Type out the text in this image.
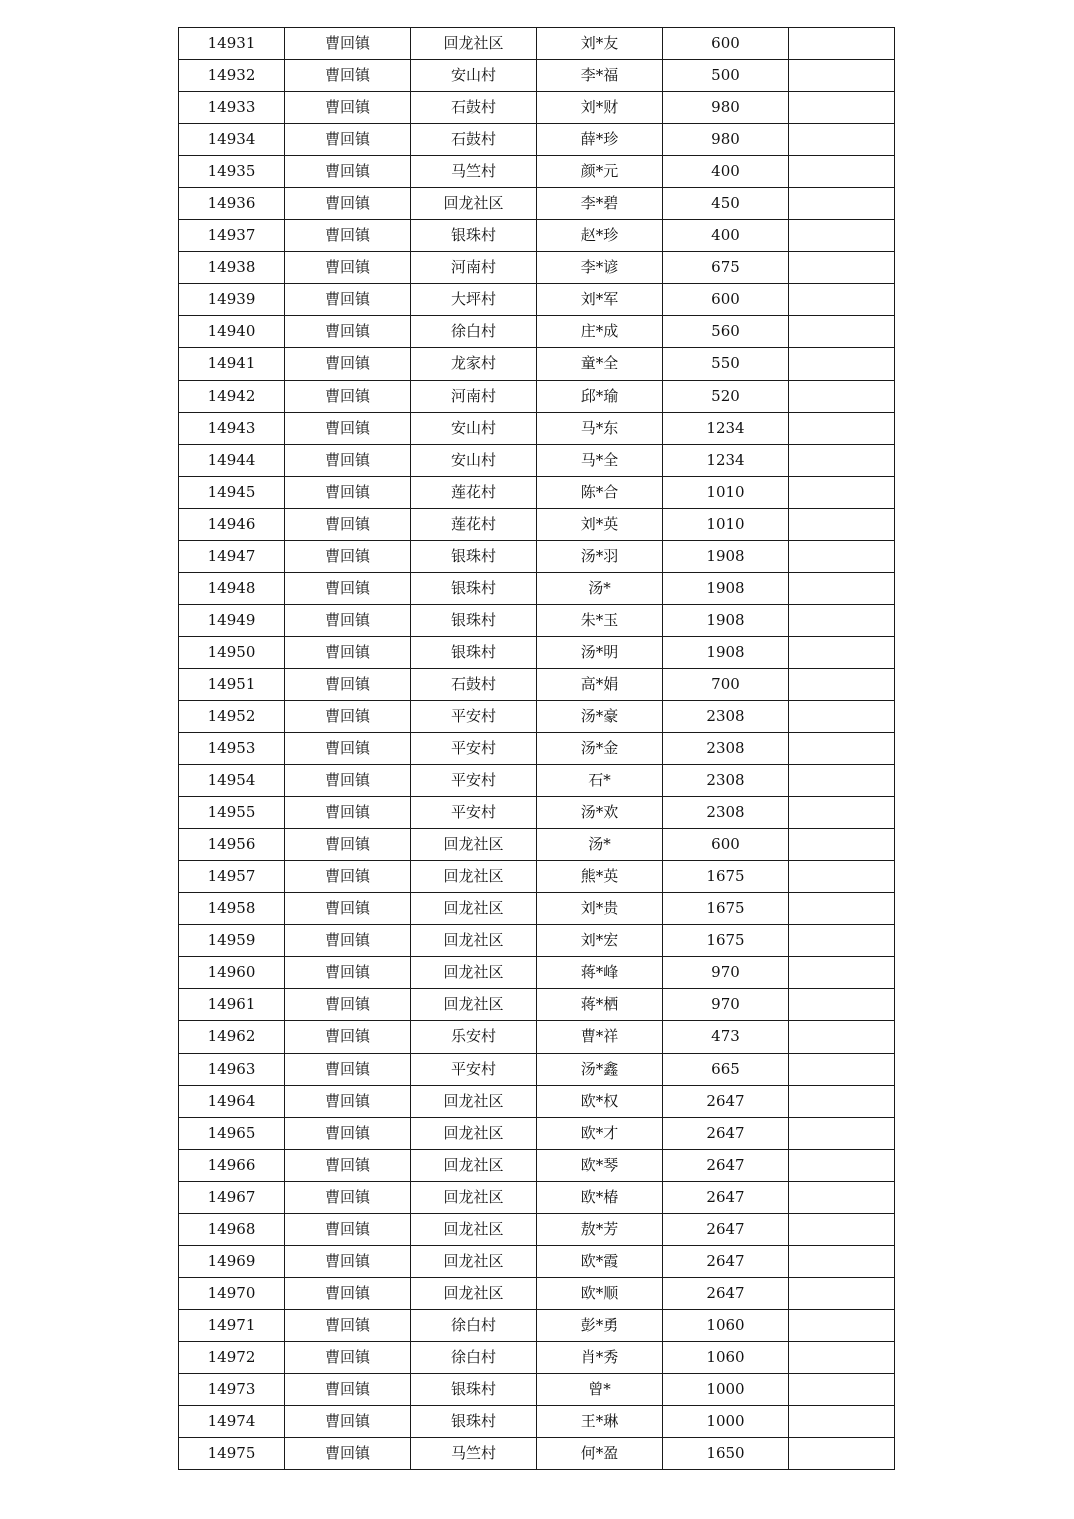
14931	曹回镇	回龙社区	刘*友	600	
14932	曹回镇	安山村	李*福	500	
14933	曹回镇	石鼓村	刘*财	980	
14934	曹回镇	石鼓村	薛*珍	980	
14935	曹回镇	马竺村	颜*元	400	
14936	曹回镇	回龙社区	李*碧	450	
14937	曹回镇	银珠村	赵*珍	400	
14938	曹回镇	河南村	李*谚	675	
14939	曹回镇	大坪村	刘*军	600	
14940	曹回镇	徐白村	庄*成	560	
14941	曹回镇	龙家村	童*全	550	
14942	曹回镇	河南村	邱*瑜	520	
14943	曹回镇	安山村	马*东	1234	
14944	曹回镇	安山村	马*全	1234	
14945	曹回镇	莲花村	陈*合	1010	
14946	曹回镇	莲花村	刘*英	1010	
14947	曹回镇	银珠村	汤*羽	1908	
14948	曹回镇	银珠村	汤*	1908	
14949	曹回镇	银珠村	朱*玉	1908	
14950	曹回镇	银珠村	汤*明	1908	
14951	曹回镇	石鼓村	高*娟	700	
14952	曹回镇	平安村	汤*豪	2308	
14953	曹回镇	平安村	汤*金	2308	
14954	曹回镇	平安村	石*	2308	
14955	曹回镇	平安村	汤*欢	2308	
14956	曹回镇	回龙社区	汤*	600	
14957	曹回镇	回龙社区	熊*英	1675	
14958	曹回镇	回龙社区	刘*贵	1675	
14959	曹回镇	回龙社区	刘*宏	1675	
14960	曹回镇	回龙社区	蒋*峰	970	
14961	曹回镇	回龙社区	蒋*栖	970	
14962	曹回镇	乐安村	曹*祥	473	
14963	曹回镇	平安村	汤*鑫	665	
14964	曹回镇	回龙社区	欧*权	2647	
14965	曹回镇	回龙社区	欧*才	2647	
14966	曹回镇	回龙社区	欧*琴	2647	
14967	曹回镇	回龙社区	欧*椿	2647	
14968	曹回镇	回龙社区	敖*芳	2647	
14969	曹回镇	回龙社区	欧*霞	2647	
14970	曹回镇	回龙社区	欧*顺	2647	
14971	曹回镇	徐白村	彭*勇	1060	
14972	曹回镇	徐白村	肖*秀	1060	
14973	曹回镇	银珠村	曾*	1000	
14974	曹回镇	银珠村	王*琳	1000	
14975	曹回镇	马竺村	何*盈	1650	
